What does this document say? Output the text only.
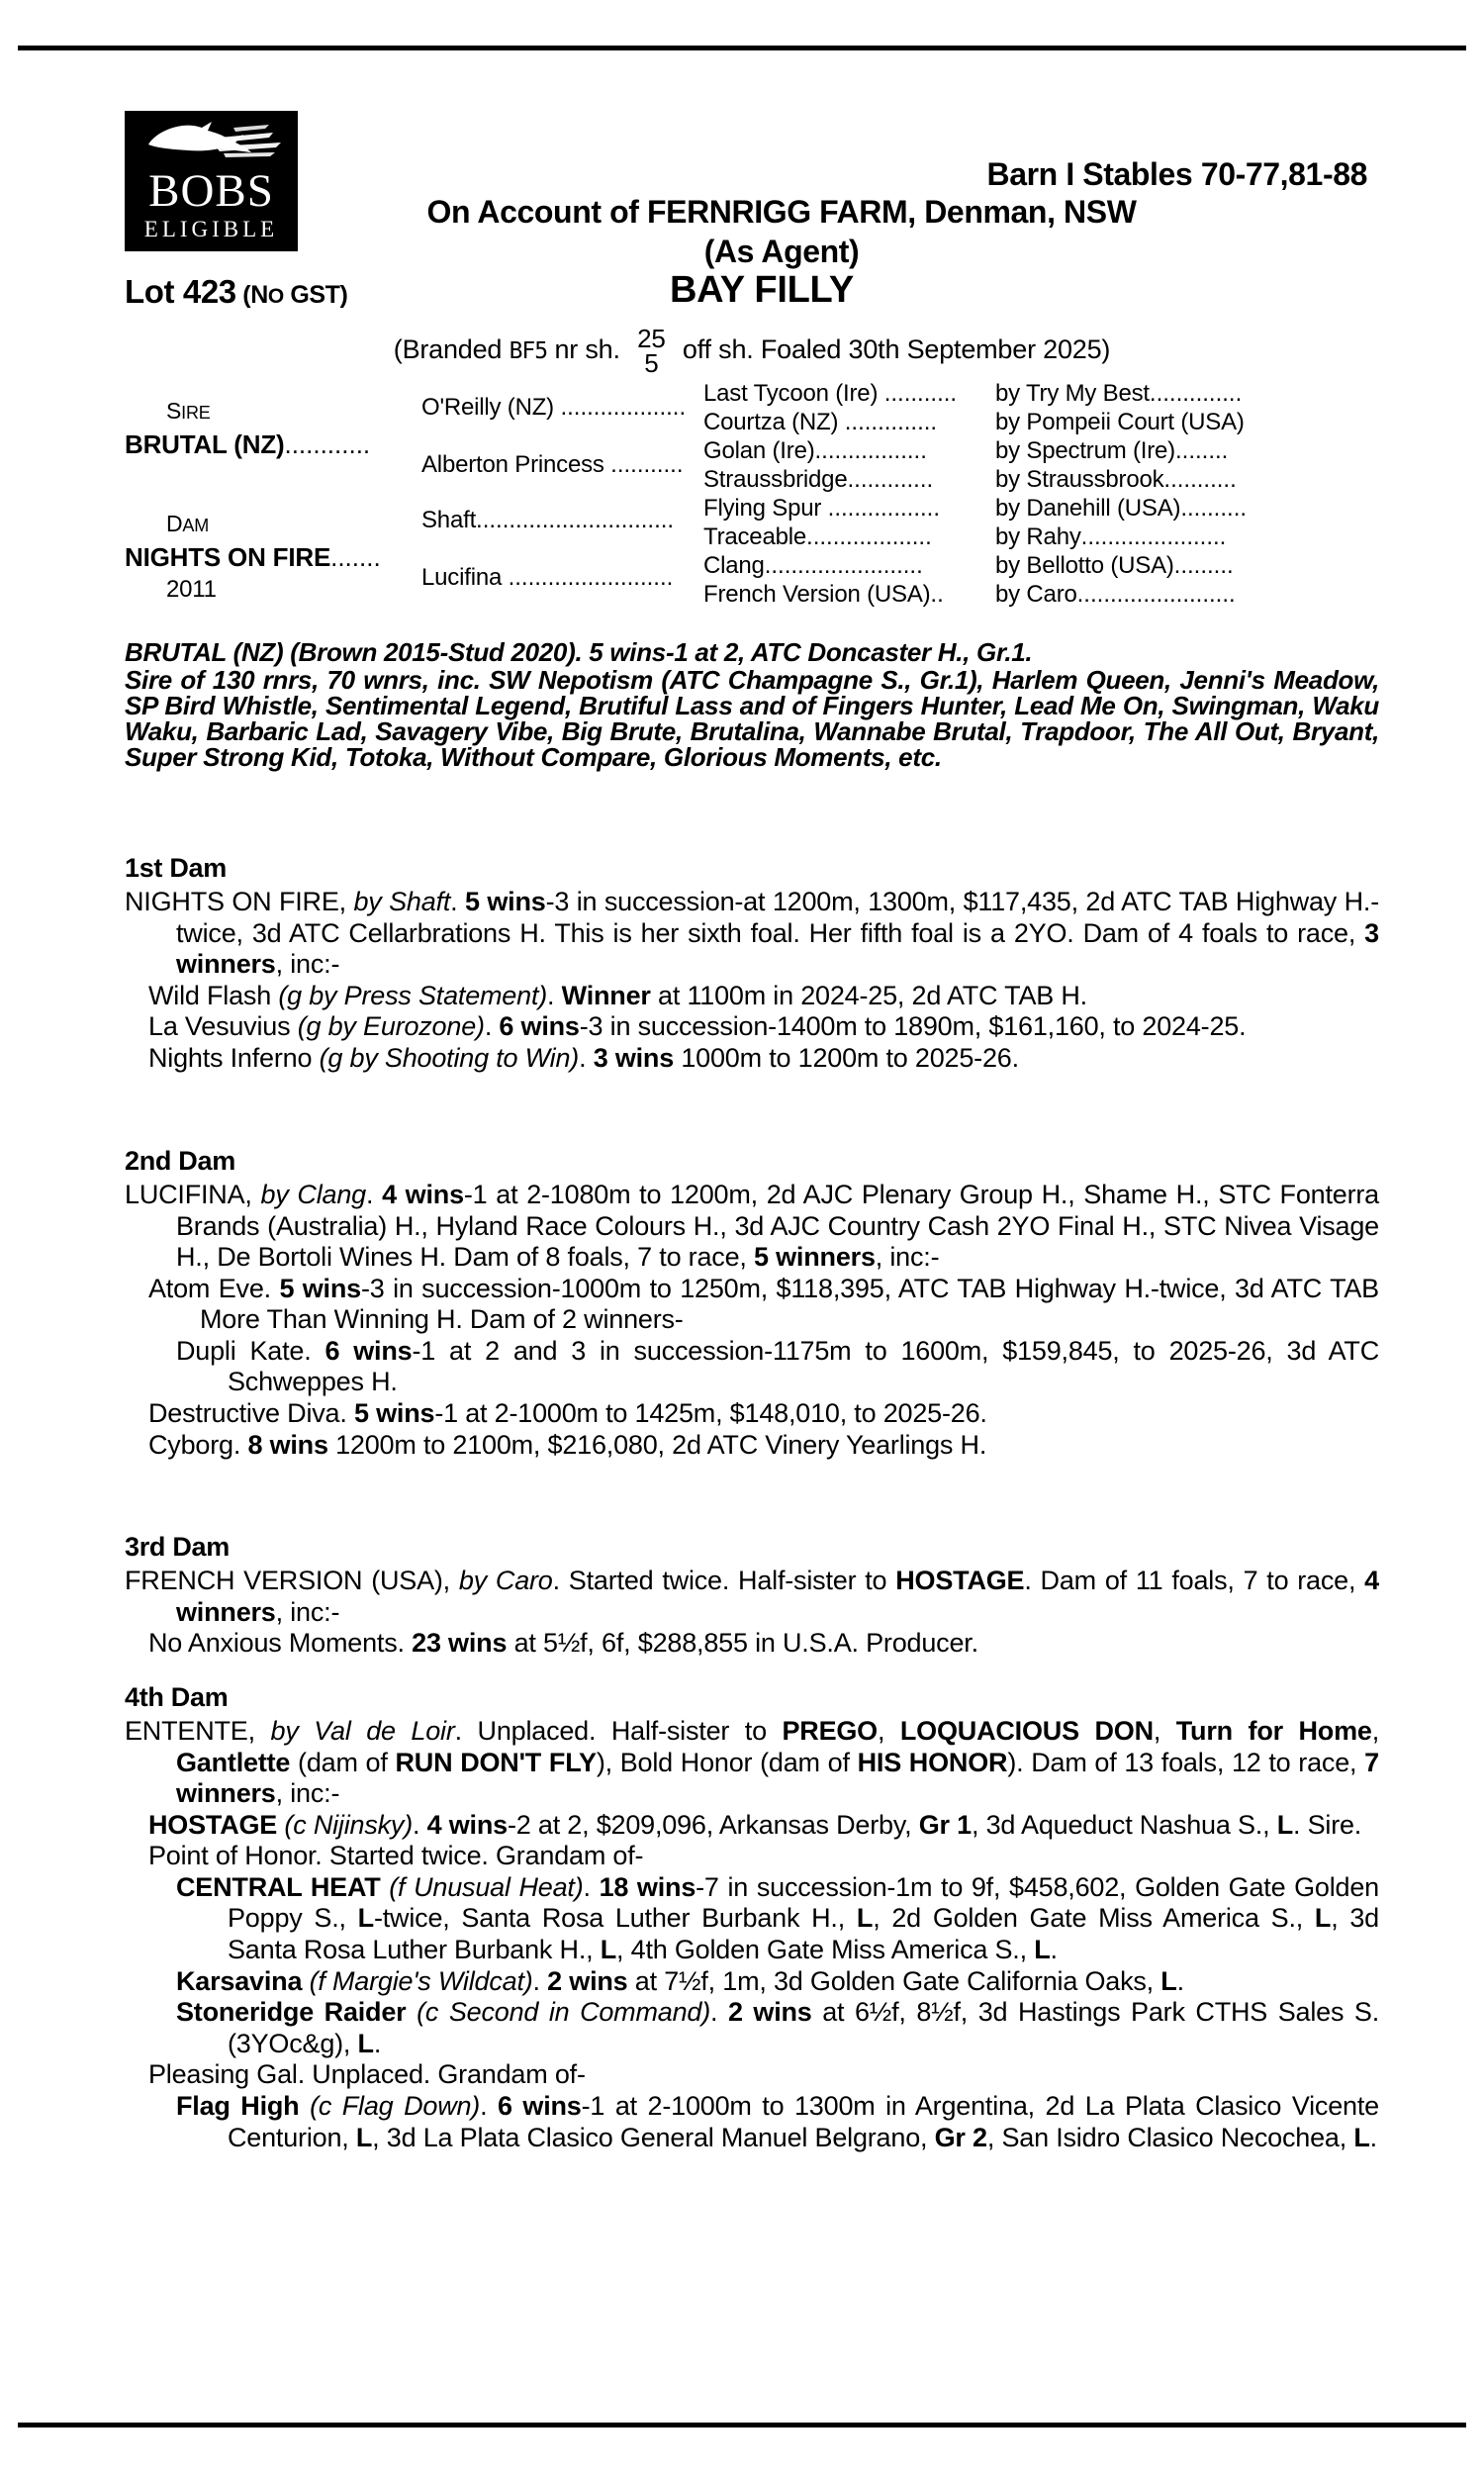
BOBS
ELIGIBLE
Barn I Stables 70-77,81-88
On Account of FERNRIGG FARM, Denman, NSW
(As Agent)
Lot 423 (NO GST)	BAY FILLY
(Branded BF5 nr sh. 25
5 off sh. Foaled 30th September 2025)
SIRE
BRUTAL (NZ)............
DAM
NIGHTS ON FIRE.......
2011
O'Reilly (NZ) ...................
Alberton Princess ...........
Shaft..............................
Lucifina .........................
Last Tycoon (Ire) ...........
Courtza (NZ) ..............
Golan (Ire).................
Straussbridge.............
Flying Spur .................
Traceable...................
Clang........................
French Version (USA)..
by Try My Best..............
by Pompeii Court (USA)
by Spectrum (Ire)........
by Straussbrook...........
by Danehill (USA)..........
by Rahy......................
by Bellotto (USA).........
by Caro........................

BRUTAL (NZ) (Brown 2015-Stud 2020). 5 wins-1 at 2, ATC Doncaster H., Gr.1.

Sire of 130 rnrs, 70 wnrs, inc. SW Nepotism (ATC Champagne S., Gr.1), Harlem Queen, Jenni's Meadow, SP Bird Whistle, Sentimental Legend, Brutiful Lass and of Fingers Hunter, Lead Me On, Swingman, Waku Waku, Barbaric Lad, Savagery Vibe, Big Brute, Brutalina, Wannabe Brutal, Trapdoor, The All Out, Bryant, Super Strong Kid, Totoka, Without Compare, Glorious Moments, etc.

1st Dam
NIGHTS ON FIRE, by Shaft. 5 wins-3 in succession-at 1200m, 1300m, $117,435, 2d ATC TAB Highway H.-twice, 3d ATC Cellarbrations H. This is her sixth foal. Her fifth foal is a 2YO. Dam of 4 foals to race, 3 winners, inc:-
Wild Flash (g by Press Statement). Winner at 1100m in 2024-25, 2d ATC TAB H.
La Vesuvius (g by Eurozone). 6 wins-3 in succession-1400m to 1890m, $161,160, to 2024-25.
Nights Inferno (g by Shooting to Win). 3 wins 1000m to 1200m to 2025-26.
2nd Dam
LUCIFINA, by Clang. 4 wins-1 at 2-1080m to 1200m, 2d AJC Plenary Group H., Shame H., STC Fonterra Brands (Australia) H., Hyland Race Colours H., 3d AJC Country Cash 2YO Final H., STC Nivea Visage H., De Bortoli Wines H. Dam of 8 foals, 7 to race, 5 winners, inc:-
Atom Eve. 5 wins-3 in succession-1000m to 1250m, $118,395, ATC TAB Highway H.-twice, 3d ATC TAB More Than Winning H. Dam of 2 winners-
Dupli Kate. 6 wins-1 at 2 and 3 in succession-1175m to 1600m, $159,845, to 2025-26, 3d ATC Schweppes H.
Destructive Diva. 5 wins-1 at 2-1000m to 1425m, $148,010, to 2025-26.
Cyborg. 8 wins 1200m to 2100m, $216,080, 2d ATC Vinery Yearlings H.
3rd Dam
FRENCH VERSION (USA), by Caro. Started twice. Half-sister to HOSTAGE. Dam of 11 foals, 7 to race, 4 winners, inc:-
No Anxious Moments. 23 wins at 5½f, 6f, $288,855 in U.S.A. Producer.
4th Dam
ENTENTE, by Val de Loir. Unplaced. Half-sister to PREGO, LOQUACIOUS DON, Turn for Home, Gantlette (dam of RUN DON'T FLY), Bold Honor (dam of HIS HONOR). Dam of 13 foals, 12 to race, 7 winners, inc:-
HOSTAGE (c Nijinsky). 4 wins-2 at 2, $209,096, Arkansas Derby, Gr 1, 3d Aqueduct Nashua S., L. Sire.
Point of Honor. Started twice. Grandam of-
CENTRAL HEAT (f Unusual Heat). 18 wins-7 in succession-1m to 9f, $458,602, Golden Gate Golden Poppy S., L-twice, Santa Rosa Luther Burbank H., L, 2d Golden Gate Miss America S., L, 3d Santa Rosa Luther Burbank H., L, 4th Golden Gate Miss America S., L.
Karsavina (f Margie's Wildcat). 2 wins at 7½f, 1m, 3d Golden Gate California Oaks, L.
Stoneridge Raider (c Second in Command). 2 wins at 6½f, 8½f, 3d Hastings Park CTHS Sales S. (3YOc&g), L.
Pleasing Gal. Unplaced. Grandam of-
Flag High (c Flag Down). 6 wins-1 at 2-1000m to 1300m in Argentina, 2d La Plata Clasico Vicente Centurion, L, 3d La Plata Clasico General Manuel Belgrano, Gr 2, San Isidro Clasico Necochea, L.
